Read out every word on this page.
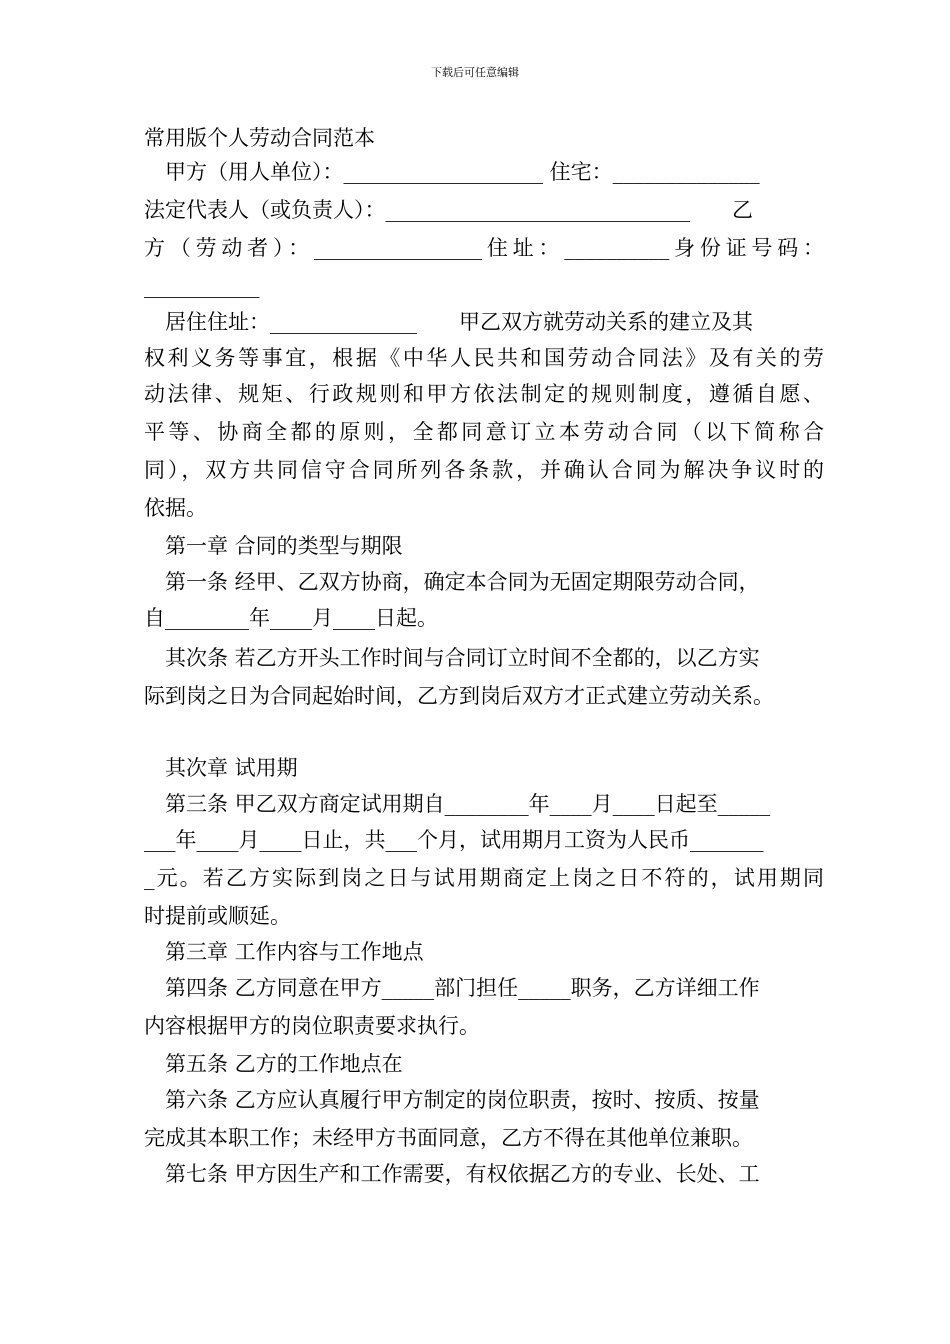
下载后可任意编辑
常用版个人劳动合同范本
甲方（用人单位）：___________________ 住宅：______________
法定代表人（或负责人）：_____________________________　　乙
方（劳动者）：________________住址：__________身份证号码：
___________
居住住址：______________　　甲乙双方就劳动关系的建立及其
权利义务等事宜，根据《中华人民共和国劳动合同法》及有关的劳
动法律、规矩、行政规则和甲方依法制定的规则制度，遵循自愿、
平等、协商全都的原则，全都同意订立本劳动合同（以下简称合
同），双方共同信守合同所列各条款，并确认合同为解决争议时的
依据。
第一章 合同的类型与期限
第一条 经甲、乙双方协商，确定本合同为无固定期限劳动合同，
自________年____月____日起。
其次条 若乙方开头工作时间与合同订立时间不全都的，以乙方实
际到岗之日为合同起始时间，乙方到岗后双方才正式建立劳动关系。
其次章 试用期
第三条 甲乙双方商定试用期自________年____月____日起至_____
___年____月____日止，共___个月，试用期月工资为人民币_______
_元。若乙方实际到岗之日与试用期商定上岗之日不符的，试用期同
时提前或顺延。
第三章 工作内容与工作地点
第四条 乙方同意在甲方_____部门担任_____职务，乙方详细工作
内容根据甲方的岗位职责要求执行。
第五条 乙方的工作地点在
第六条 乙方应认真履行甲方制定的岗位职责，按时、按质、按量
完成其本职工作；未经甲方书面同意，乙方不得在其他单位兼职。
第七条 甲方因生产和工作需要，有权依据乙方的专业、长处、工
